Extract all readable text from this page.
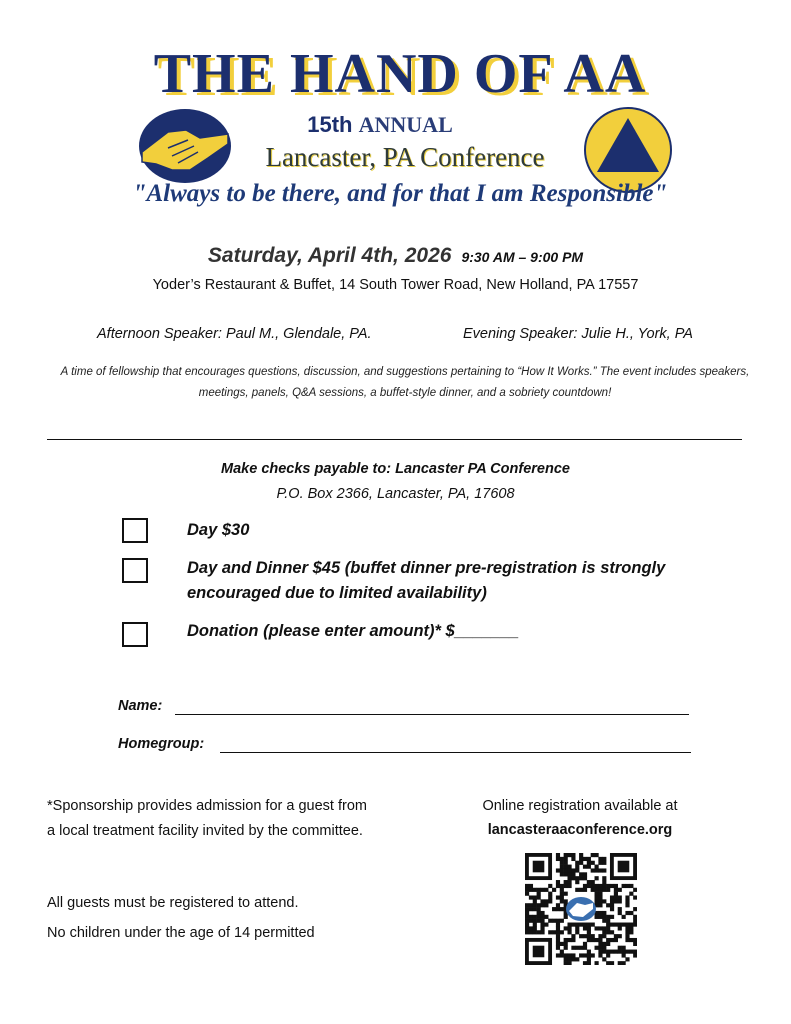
THE HAND OF AA
15th ANNUAL
Lancaster, PA Conference
"Always to be there, and for that I am Responsible"
Saturday, April 4th, 2026 9:30 AM – 9:00 PM
Yoder’s Restaurant & Buffet, 14 South Tower Road, New Holland, PA 17557
Afternoon Speaker: Paul M., Glendale, PA.	Evening Speaker: Julie H., York, PA
A time of fellowship that encourages questions, discussion, and suggestions pertaining to “How It Works.” The event includes speakers, meetings, panels, Q&A sessions, a buffet-style dinner, and a sobriety countdown!
Make checks payable to: Lancaster PA Conference
P.O. Box 2366, Lancaster, PA, 17608
Day $30
Day and Dinner $45 (buffet dinner pre-registration is strongly encouraged due to limited availability)
Donation (please enter amount)* $_______
Name:
Homegroup:
*Sponsorship provides admission for a guest from a local treatment facility invited by the committee.
All guests must be registered to attend.
No children under the age of 14 permitted
Online registration available at
lancasteraaconference.org
